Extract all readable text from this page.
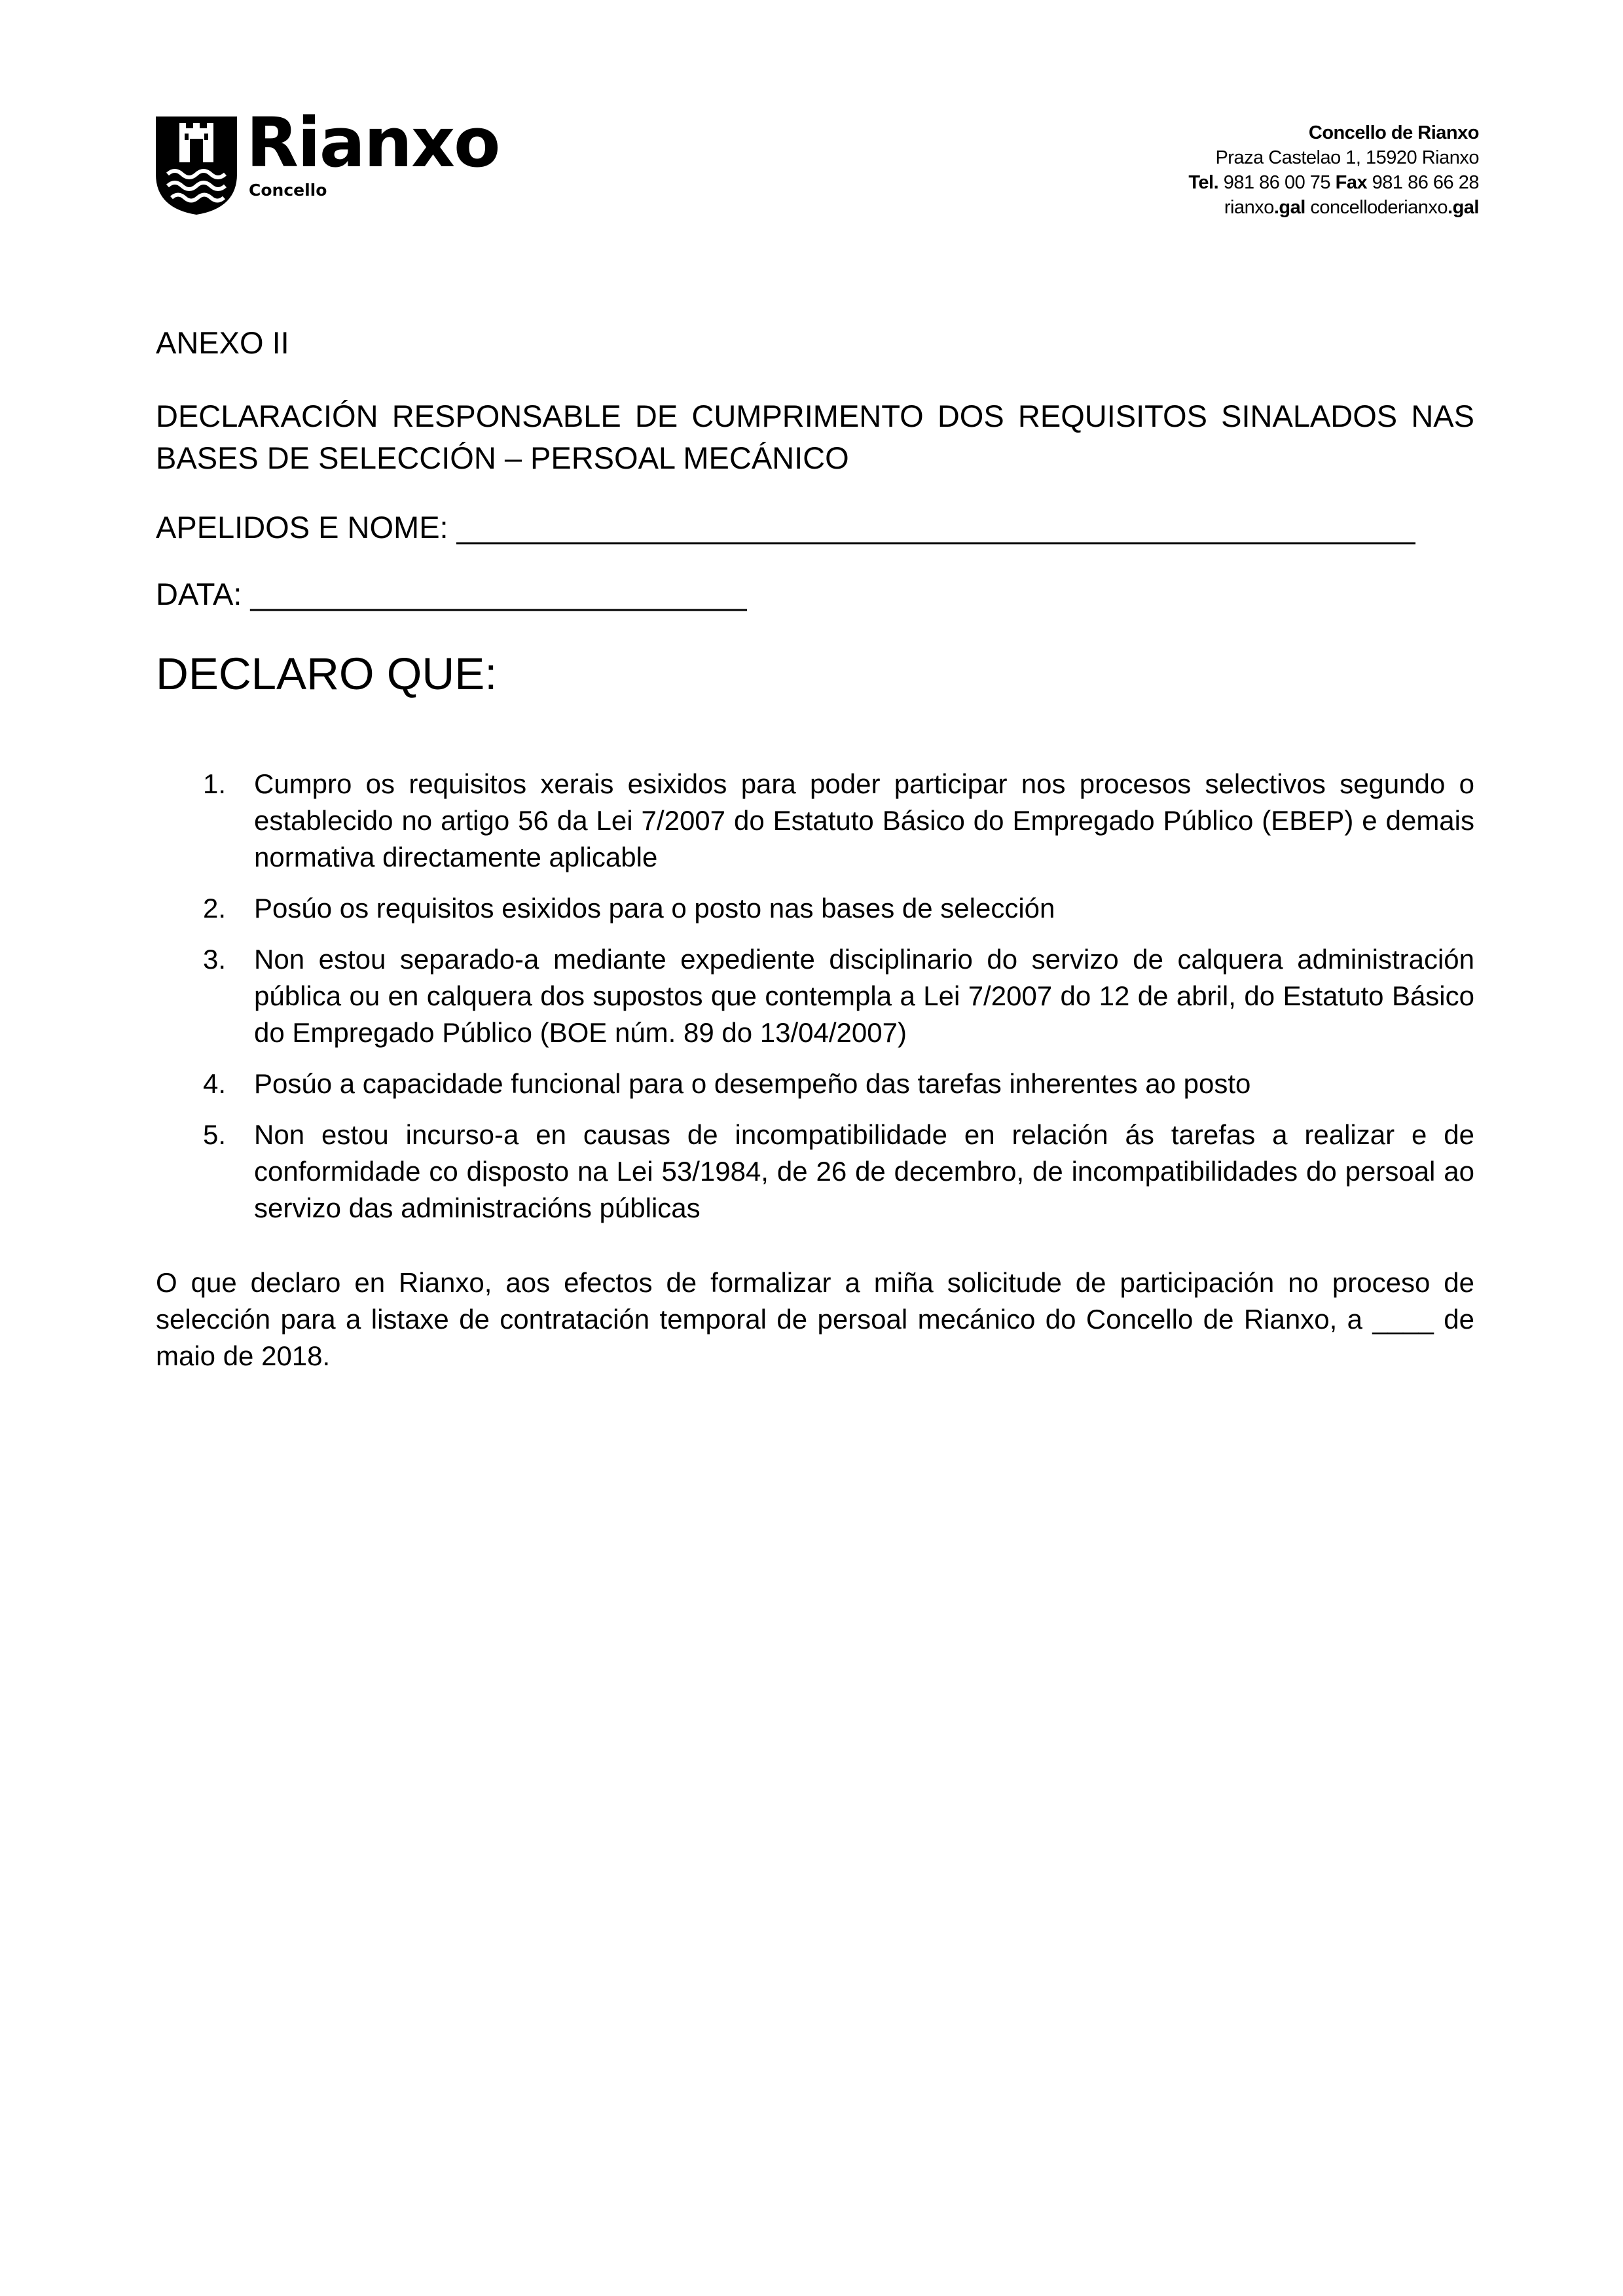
Rianxo
Concello
Concello de Rianxo
Praza Castelao 1, 15920 Rianxo
Tel. 981 86 00 75 Fax 981 86 66 28
rianxo.gal concelloderianxo.gal

ANEXO II

DECLARACIÓN RESPONSABLE DE CUMPRIMENTO DOS REQUISITOS SINALADOS NAS BASES DE SELECCIÓN – PERSOAL MECÁNICO

APELIDOS E NOME: ________________________________________________________

DATA: _____________________________

DECLARO QUE:

1. Cumpro os requisitos xerais esixidos para poder participar nos procesos selectivos segundo o establecido no artigo 56 da Lei 7/2007 do Estatuto Básico do Empregado Público (EBEP) e demais normativa directamente aplicable
2. Posúo os requisitos esixidos para o posto nas bases de selección
3. Non estou separado-a mediante expediente disciplinario do servizo de calquera administración pública ou en calquera dos supostos que contempla a Lei 7/2007 do 12 de abril, do Estatuto Básico do Empregado Público (BOE núm. 89 do 13/04/2007)
4. Posúo a capacidade funcional para o desempeño das tarefas inherentes ao posto
5. Non estou incurso-a en causas de incompatibilidade en relación ás tarefas a realizar e de conformidade co disposto na Lei 53/1984, de 26 de decembro, de incompatibilidades do persoal ao servizo das administracións públicas

O que declaro en Rianxo, aos efectos de formalizar a miña solicitude de participación no proceso de selección para a listaxe de contratación temporal de persoal mecánico do Concello de Rianxo, a ____ de maio de 2018.
